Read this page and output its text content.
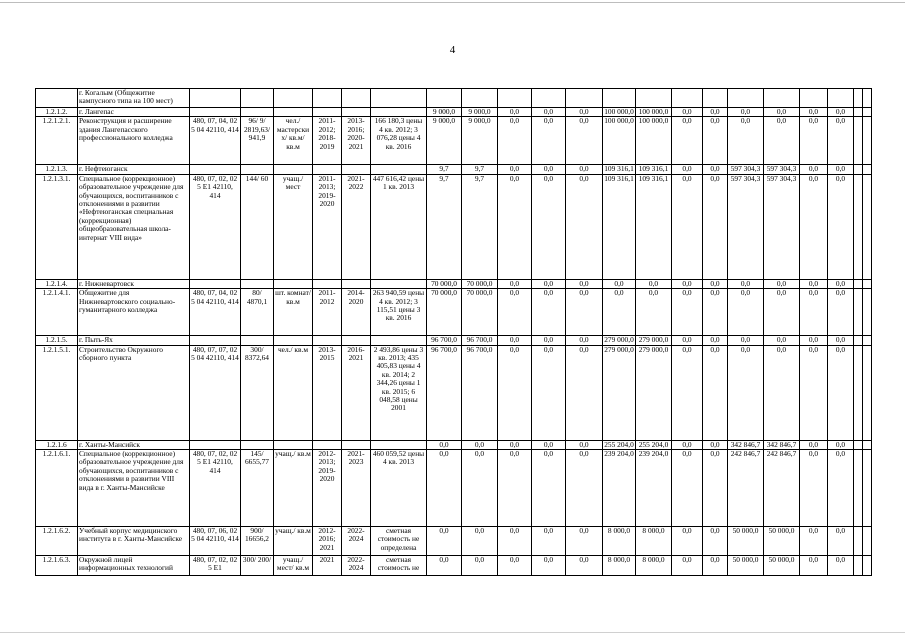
4
	г. Когалым (Общежитие кампусного типа на 100 мест)																					
1.2.1.2.	г. Лангепас							9 000,0	9 000,0	0,0	0,0	0,0	100 000,0	100 000,0	0,0	0,0	0,0	0,0	0,0	0,0		
1.2.1.2.1.	Реконструкция и расширение здания Лангепасского профессионального колледжа	480, 07, 04, 02 5 04 42110, 414	96/ 9/ 2819,63/ 941,9	чел./ мастерски х/ кв.м/ кв.м	2011-2012; 2018-2019	2013-2016; 2020-2021	166 180,3 цены 4 кв. 2012; 3 076,28 цены 4 кв. 2016	9 000,0	9 000,0	0,0	0,0	0,0	100 000,0	100 000,0	0,0	0,0	0,0	0,0	0,0	0,0		
1.2.1.3.	г. Нефтеюганск							9,7	9,7	0,0	0,0	0,0	109 316,1	109 316,1	0,0	0,0	597 304,3	597 304,3	0,0	0,0		
1.2.1.3.1.	Специальное (коррекционное) образовательное учреждение для обучающихся, воспитанников с отклонениями в развитии «Нефтеюганская специальная (коррекционная) общеобразовательная школа-интернат VIII вида»	480, 07, 02, 02 5 Е1 42110, 414	144/ 60	учащ./ мест	2011-2013; 2019-2020	2021-2022	447 616,42 цены 1 кв. 2013	9,7	9,7	0,0	0,0	0,0	109 316,1	109 316,1	0,0	0,0	597 304,3	597 304,3	0,0	0,0		
1.2.1.4.	г. Нижневартовск							70 000,0	70 000,0	0,0	0,0	0,0	0,0	0,0	0,0	0,0	0,0	0,0	0,0	0,0		
1.2.1.4.1.	Общежитие для Нижневартовского социально-гуманитарного колледжа	480, 07, 04, 02 5 04 42110, 414	80/ 4870,1	шт. комнат/ кв.м	2011-2012	2014-2020	263 940,59 цены 4 кв. 2012; 3 115,51 цены 3 кв. 2016	70 000,0	70 000,0	0,0	0,0	0,0	0,0	0,0	0,0	0,0	0,0	0,0	0,0	0,0		
1.2.1.5.	г. Пыть-Ях							96 700,0	96 700,0	0,0	0,0	0,0	279 000,0	279 000,0	0,0	0,0	0,0	0,0	0,0	0,0		
1.2.1.5.1.	Строительство Окружного сборного пункта	480, 07, 07, 02 5 04 42110, 414	300/ 8372,64	чел./ кв.м	2013-2015	2016-2021	2 493,86 цены 3 кв. 2013; 435 405,83 цены 4 кв. 2014; 2 344,26 цены 1 кв. 2015; 6 048,58 цены 2001	96 700,0	96 700,0	0,0	0,0	0,0	279 000,0	279 000,0	0,0	0,0	0,0	0,0	0,0	0,0		
1.2.1.6	г. Ханты-Мансийск							0,0	0,0	0,0	0,0	0,0	255 204,0	255 204,0	0,0	0,0	342 846,7	342 846,7	0,0	0,0		
1.2.1.6.1.	Специальное (коррекционное) образовательное учреждение для обучающихся, воспитанников с отклонениями в развитии VIII вида в г. Ханты-Мансийске	480, 07, 02, 02 5 Е1 42110, 414	145/ 6655,77	учащ./ кв.м	2012-2013; 2019-2020	2021-2023	460 059,52 цены 4 кв. 2013	0,0	0,0	0,0	0,0	0,0	239 204,0	239 204,0	0,0	0,0	242 846,7	242 846,7	0,0	0,0		
1.2.1.6.2.	Учебный корпус медицинского института в г. Ханты-Мансийске	480, 07, 06, 02 5 04 42110, 414	900/ 16656,2	учащ./ кв.м	2012-2016; 2021	2022-2024	сметная стоимость не определена	0,0	0,0	0,0	0,0	0,0	8 000,0	8 000,0	0,0	0,0	50 000,0	50 000,0	0,0	0,0		
1.2.1.6.3.	Окружной лицей информационных технологий	480, 07, 02, 02 5 Е1	300/ 200/	учащ./ мест/ кв.м	2021	2022-2024	сметная стоимость не	0,0	0,0	0,0	0,0	0,0	8 000,0	8 000,0	0,0	0,0	50 000,0	50 000,0	0,0	0,0		
